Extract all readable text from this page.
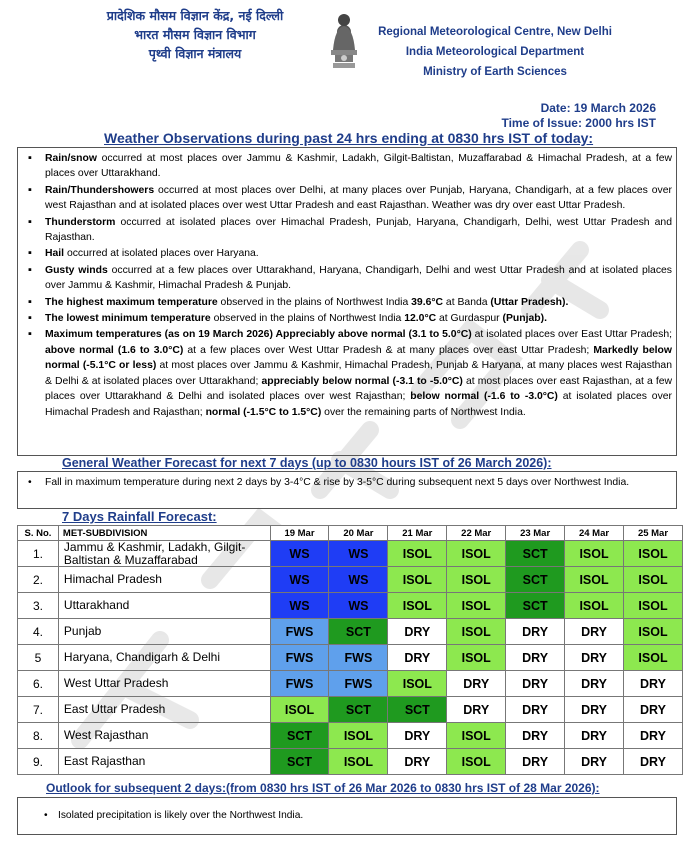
प्रादेशिक मौसम विज्ञान केंद्र, नई दिल्ली
भारत मौसम विज्ञान विभाग
पृथ्वी विज्ञान मंत्रालय
Regional Meteorological Centre, New Delhi
India Meteorological Department
Ministry of Earth Sciences
Date: 19 March 2026
Time of Issue: 2000 hrs IST
Weather Observations during past 24 hrs ending at 0830 hrs IST of today:
▪ Rain/snow occurred at most places over Jammu & Kashmir, Ladakh, Gilgit-Baltistan, Muzaffarabad & Himachal Pradesh, at a few places over Uttarakhand.
▪ Rain/Thundershowers occurred at most places over Delhi, at many places over Punjab, Haryana, Chandigarh, at a few places over west Rajasthan and at isolated places over west Uttar Pradesh and east Rajasthan. Weather was dry over east Uttar Pradesh.
▪ Thunderstorm occurred at isolated places over Himachal Pradesh, Punjab, Haryana, Chandigarh, Delhi, west Uttar Pradesh and Rajasthan.
▪ Hail occurred at isolated places over Haryana.
▪ Gusty winds occurred at a few places over Uttarakhand, Haryana, Chandigarh, Delhi and west Uttar Pradesh and at isolated places over Jammu & Kashmir, Himachal Pradesh & Punjab.
▪ The highest maximum temperature observed in the plains of Northwest India 39.6°C at Banda (Uttar Pradesh).
▪ The lowest minimum temperature observed in the plains of Northwest India 12.0°C at Gurdaspur (Punjab).
▪ Maximum temperatures (as on 19 March 2026) Appreciably above normal (3.1 to 5.0°C) at isolated places over East Uttar Pradesh; above normal (1.6 to 3.0°C) at a few places over West Uttar Pradesh & at many places over east Uttar Pradesh; Markedly below normal (-5.1°C or less) at most places over Jammu & Kashmir, Himachal Pradesh, Punjab & Haryana, at many places west Rajasthan & Delhi & at isolated places over Uttarakhand; appreciably below normal (-3.1 to -5.0°C) at most places over east Rajasthan, at a few places over Uttarakhand & Delhi and isolated places over west Rajasthan; below normal (-1.6 to -3.0°C) at isolated places over Himachal Pradesh and Rajasthan; normal (-1.5°C to 1.5°C) over the remaining parts of Northwest India.
General Weather Forecast for next 7 days (up to 0830 hours IST of 26 March 2026):
• Fall in maximum temperature during next 2 days by 3-4°C & rise by 3-5°C during subsequent next 5 days over Northwest India.
7 Days Rainfall Forecast:
S. No.	MET-SUBDIVISION	19 Mar	20 Mar	21 Mar	22 Mar	23 Mar	24 Mar	25 Mar
1.	Jammu & Kashmir, Ladakh, Gilgit-Baltistan & Muzaffarabad	WS	WS	ISOL	ISOL	SCT	ISOL	ISOL
2.	Himachal Pradesh	WS	WS	ISOL	ISOL	SCT	ISOL	ISOL
3.	Uttarakhand	WS	WS	ISOL	ISOL	SCT	ISOL	ISOL
4.	Punjab	FWS	SCT	DRY	ISOL	DRY	DRY	ISOL
5	Haryana, Chandigarh & Delhi	FWS	FWS	DRY	ISOL	DRY	DRY	ISOL
6.	West Uttar Pradesh	FWS	FWS	ISOL	DRY	DRY	DRY	DRY
7.	East Uttar Pradesh	ISOL	SCT	SCT	DRY	DRY	DRY	DRY
8.	West Rajasthan	SCT	ISOL	DRY	ISOL	DRY	DRY	DRY
9.	East Rajasthan	SCT	ISOL	DRY	ISOL	DRY	DRY	DRY
Outlook for subsequent 2 days:(from 0830 hrs IST of 26 Mar 2026 to 0830 hrs IST of 28 Mar 2026):
• Isolated precipitation is likely over the Northwest India.
